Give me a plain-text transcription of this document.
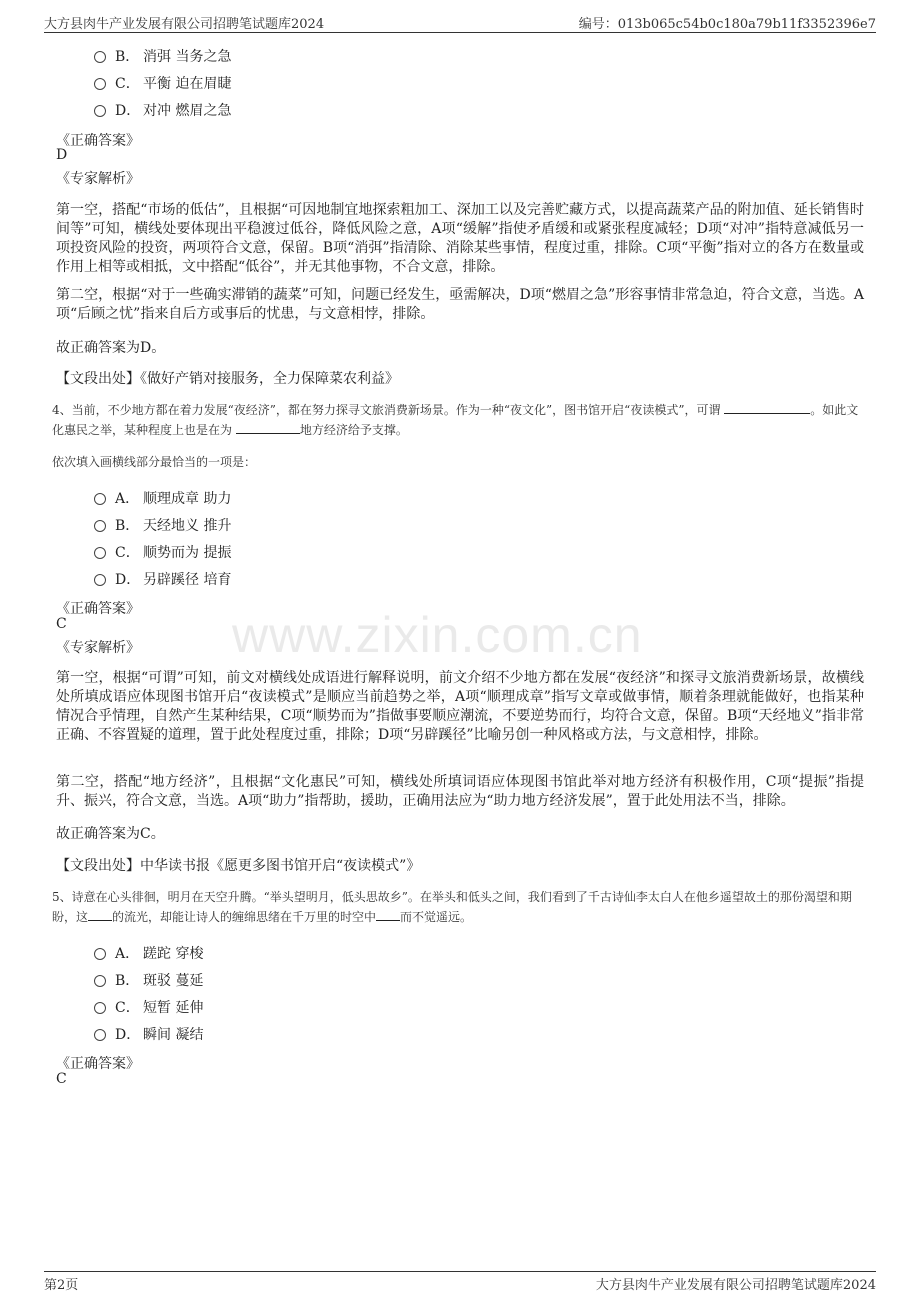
大方县肉牛产业发展有限公司招聘笔试题库2024	编号：013b065c54b0c180a79b11f3352396e7
www.zixin.com.cn
B． 消弭 当务之急
C． 平衡 迫在眉睫
D． 对冲 燃眉之急
《正确答案》
D
《专家解析》
第一空，搭配“市场的低估”，且根据“可因地制宜地探索粗加工、深加工以及完善贮藏方式，以提高蔬菜产品的附加值、延长销售时间等”可知，横线处要体现出平稳渡过低谷，降低风险之意，A项“缓解”指使矛盾缓和或紧张程度减轻；D项“对冲”指特意减低另一项投资风险的投资，两项符合文意，保留。B项“消弭”指清除、消除某些事情，程度过重，排除。C项“平衡”指对立的各方在数量或作用上相等或相抵，文中搭配“低谷”，并无其他事物，不合文意，排除。
第二空，根据“对于一些确实滞销的蔬菜”可知，问题已经发生，亟需解决，D项“燃眉之急”形容事情非常急迫，符合文意，当选。A项“后顾之忧”指来自后方或事后的忧患，与文意相悖，排除。
故正确答案为D。
【文段出处】《做好产销对接服务，全力保障菜农利益》
4、当前，不少地方都在着力发展“夜经济”，都在努力探寻文旅消费新场景。作为一种“夜文化”，图书馆开启“夜读模式”，可谓	。如此文化惠民之举，某种程度上也是在为	地方经济给予支撑。
依次填入画横线部分最恰当的一项是：
A． 顺理成章 助力
B． 天经地义 推升
C． 顺势而为 提振
D． 另辟蹊径 培育
《正确答案》
C
《专家解析》
第一空，根据“可谓”可知，前文对横线处成语进行解释说明，前文介绍不少地方都在发展“夜经济”和探寻文旅消费新场景，故横线处所填成语应体现图书馆开启“夜读模式”是顺应当前趋势之举，A项“顺理成章”指写文章或做事情，顺着条理就能做好，也指某种情况合乎情理，自然产生某种结果，C项“顺势而为”指做事要顺应潮流，不要逆势而行，均符合文意，保留。B项“天经地义”指非常正确、不容置疑的道理，置于此处程度过重，排除；D项“另辟蹊径”比喻另创一种风格或方法，与文意相悖，排除。
第二空，搭配“地方经济”，且根据“文化惠民”可知，横线处所填词语应体现图书馆此举对地方经济有积极作用，C项“提振”指提升、振兴，符合文意，当选。A项“助力”指帮助，援助，正确用法应为“助力地方经济发展”，置于此处用法不当，排除。
故正确答案为C。
【文段出处】中华读书报《愿更多图书馆开启“夜读模式”》
5、诗意在心头徘徊，明月在天空升腾。“举头望明月，低头思故乡”。在举头和低头之间，我们看到了千古诗仙李太白人在他乡遥望故土的那份渴望和期盼，这 的流光，却能让诗人的缠绵思绪在千万里的时空中 而不觉遥远。
A． 蹉跎 穿梭
B． 斑驳 蔓延
C． 短暂 延伸
D． 瞬间 凝结
《正确答案》
C
第2页	大方县肉牛产业发展有限公司招聘笔试题库2024
